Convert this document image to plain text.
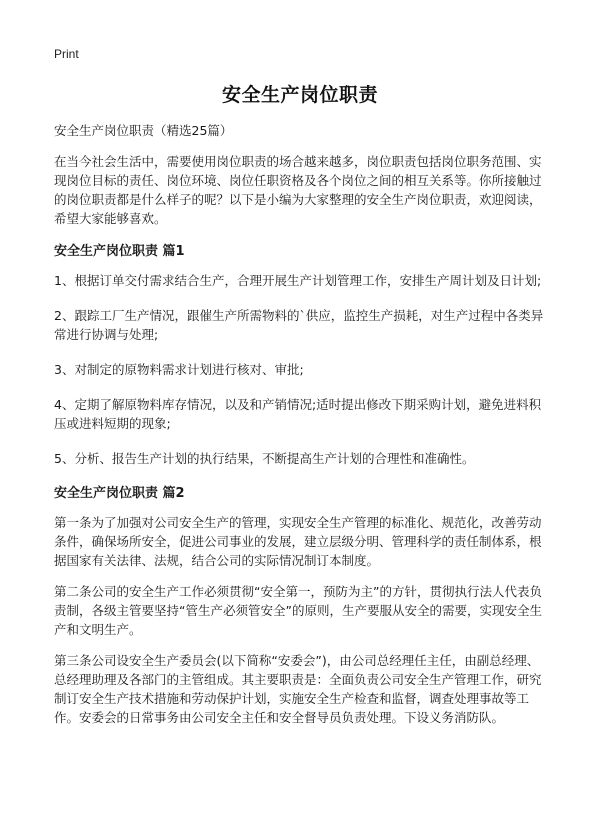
Print
安全生产岗位职责

安全生产岗位职责（精选25篇）

在当今社会生活中，需要使用岗位职责的场合越来越多，岗位职责包括岗位职务范围、实现岗位目标的责任、岗位环境、岗位任职资格及各个岗位之间的相互关系等。你所接触过的岗位职责都是什么样子的呢？以下是小编为大家整理的安全生产岗位职责，欢迎阅读，希望大家能够喜欢。

安全生产岗位职责 篇1

1、根据订单交付需求结合生产，合理开展生产计划管理工作，安排生产周计划及日计划;

2、跟踪工厂生产情况，跟催生产所需物料的`供应，监控生产损耗，对生产过程中各类异常进行协调与处理;

3、对制定的原物料需求计划进行核对、审批;

4、定期了解原物料库存情况，以及和产销情况;适时提出修改下期采购计划，避免进料积压或进料短期的现象;

5、分析、报告生产计划的执行结果，不断提高生产计划的合理性和准确性。

安全生产岗位职责 篇2

第一条为了加强对公司安全生产的管理，实现安全生产管理的标准化、规范化，改善劳动条件，确保场所安全，促进公司事业的发展，建立层级分明、管理科学的责任制体系，根据国家有关法律、法规，结合公司的实际情况制订本制度。

第二条公司的安全生产工作必须贯彻“安全第一，预防为主”的方针，贯彻执行法人代表负责制，各级主管要坚持“管生产必须管安全”的原则，生产要服从安全的需要，实现安全生产和文明生产。

第三条公司设安全生产委员会(以下简称“安委会”)，由公司总经理任主任，由副总经理、总经理助理及各部门的主管组成。其主要职责是：全面负责公司安全生产管理工作，研究制订安全生产技术措施和劳动保护计划，实施安全生产检查和监督，调查处理事故等工作。安委会的日常事务由公司安全主任和安全督导员负责处理。下设义务消防队。
